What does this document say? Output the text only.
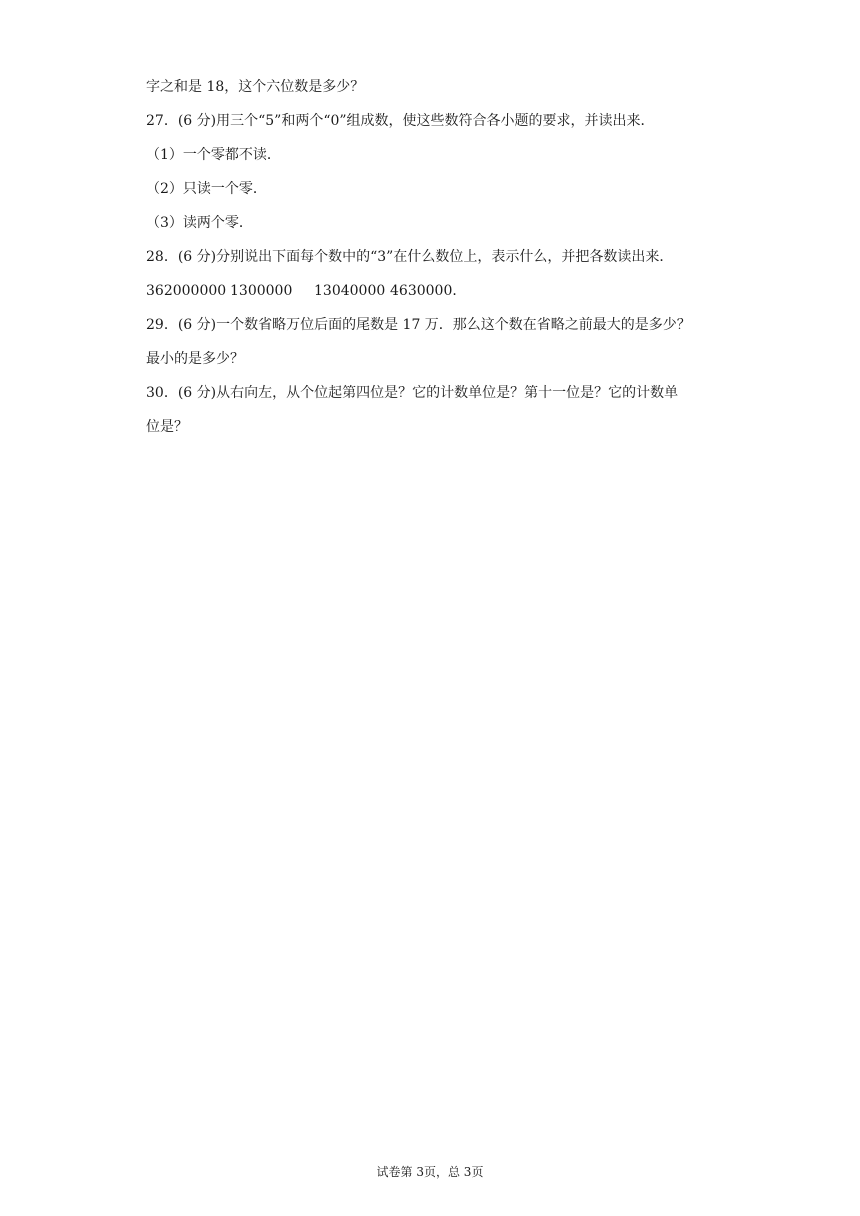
字之和是 18，这个六位数是多少？
27．(6 分)用三个“5”和两个“0”组成数，使这些数符合各小题的要求，并读出来．
（1）一个零都不读．
（2）只读一个零．
（3）读两个零．
28．(6 分)分别说出下面每个数中的“3”在什么数位上，表示什么，并把各数读出来．
362000000 1300000 13040000 4630000．
29．(6 分)一个数省略万位后面的尾数是 17 万．那么这个数在省略之前最大的是多少？
最小的是多少？
30．(6 分)从右向左，从个位起第四位是？它的计数单位是？第十一位是？它的计数单
位是？
试卷第 3页，总 3页
